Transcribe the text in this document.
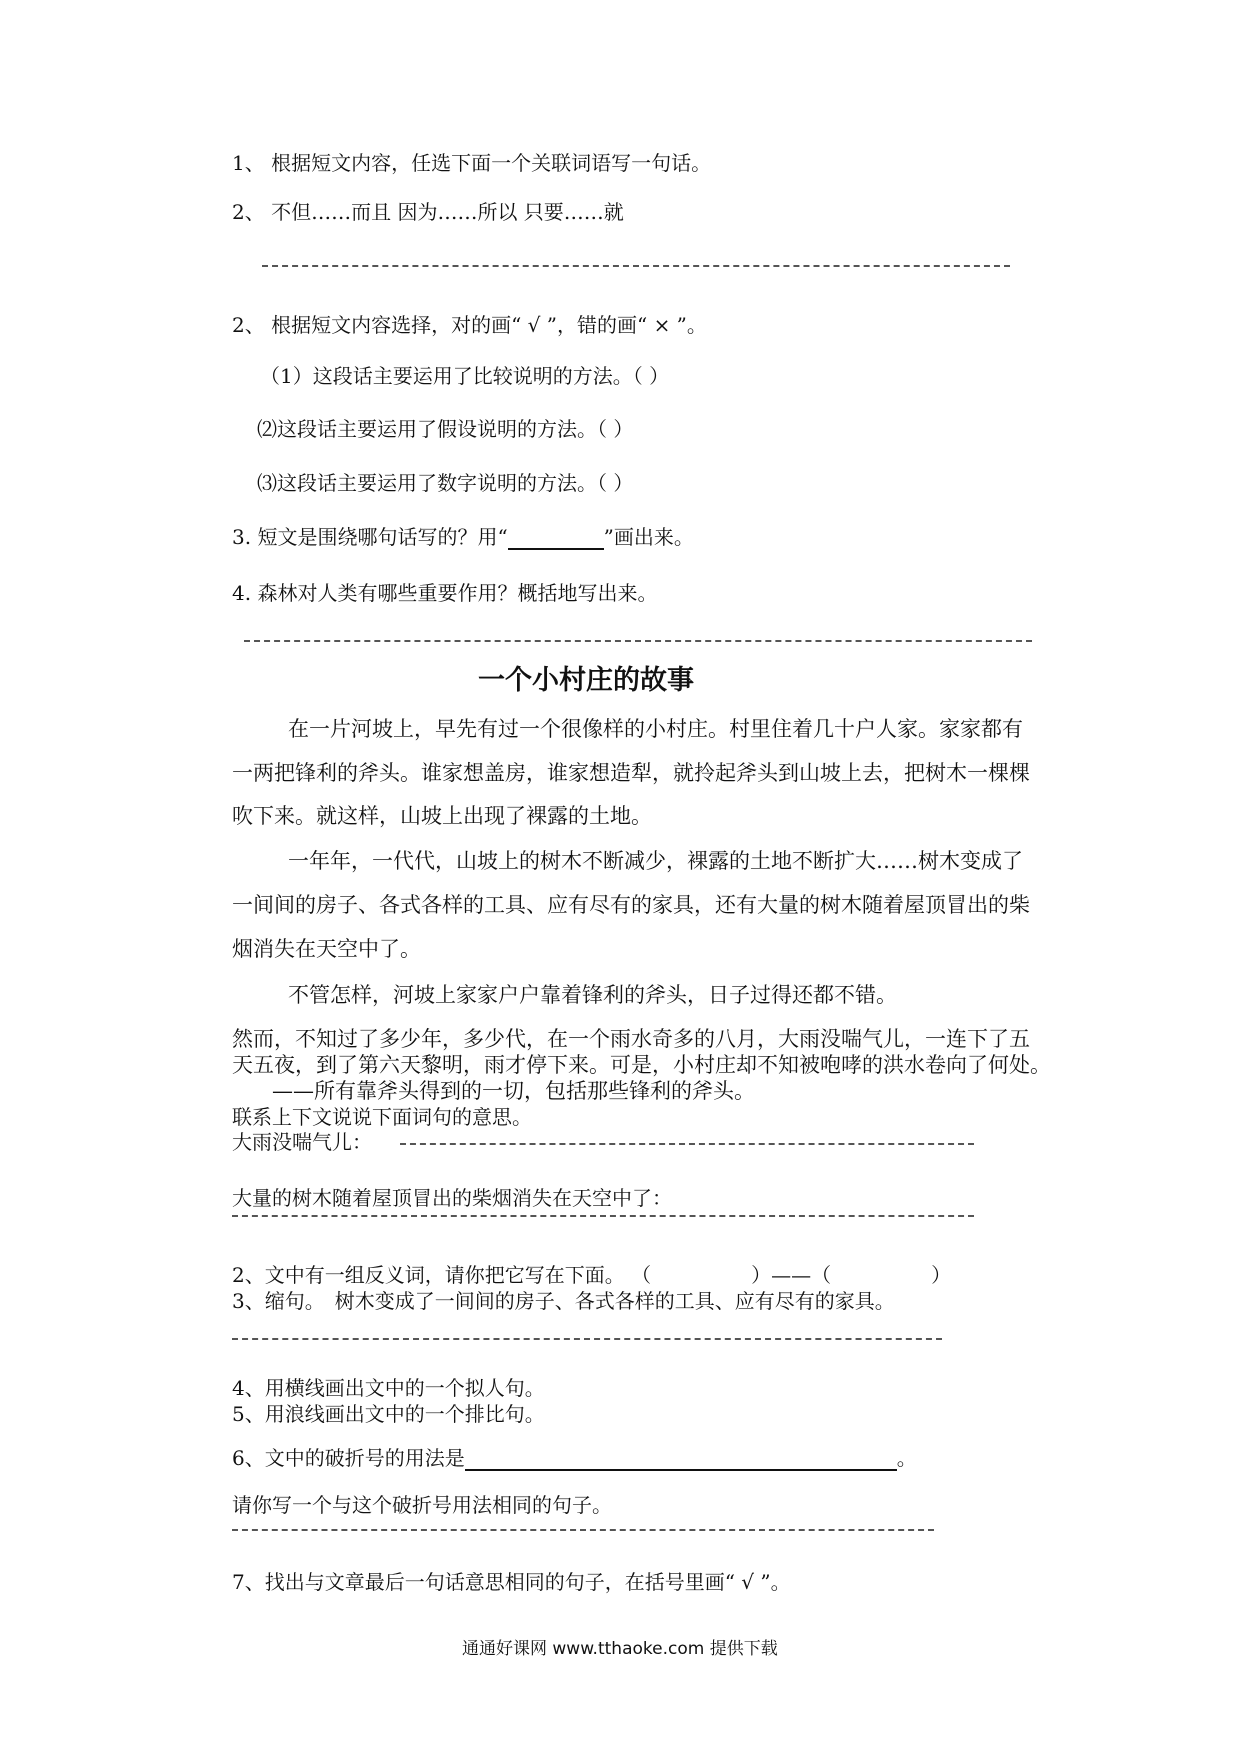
1、 根据短文内容，任选下面一个关联词语写一句话。
2、 不但……而且 因为……所以 只要……就
2、 根据短文内容选择，对的画“ √ ”，错的画“ × ”。
（1）这段话主要运用了比较说明的方法。（ ）
⑵这段话主要运用了假设说明的方法。（ ）
⑶这段话主要运用了数字说明的方法。（ ）
3. 短文是围绕哪句话写的？用“	”画出来。
4. 森林对人类有哪些重要作用？概括地写出来。
一个小村庄的故事
在一片河坡上，早先有过一个很像样的小村庄。村里住着几十户人家。家家都有
一两把锋利的斧头。谁家想盖房，谁家想造犁，就拎起斧头到山坡上去，把树木一棵棵
吹下来。就这样，山坡上出现了裸露的土地。
一年年，一代代，山坡上的树木不断减少，裸露的土地不断扩大……树木变成了
一间间的房子、各式各样的工具、应有尽有的家具，还有大量的树木随着屋顶冒出的柴
烟消失在天空中了。
不管怎样，河坡上家家户户靠着锋利的斧头，日子过得还都不错。
然而，不知过了多少年，多少代，在一个雨水奇多的八月，大雨没喘气儿，一连下了五
天五夜，到了第六天黎明，雨才停下来。可是，小村庄却不知被咆哮的洪水卷向了何处。
——所有靠斧头得到的一切，包括那些锋利的斧头。
联系上下文说说下面词句的意思。
大雨没喘气儿：
大量的树木随着屋顶冒出的柴烟消失在天空中了：
2、文中有一组反义词，请你把它写在下面。 （　　　　　）——（　　　　　）
3、缩句。　树木变成了一间间的房子、各式各样的工具、应有尽有的家具。
4、用横线画出文中的一个拟人句。
5、用浪线画出文中的一个排比句。
6、文中的破折号的用法是	。
请你写一个与这个破折号用法相同的句子。
7、找出与文章最后一句话意思相同的句子，在括号里画“ √ ”。
通通好课网 www.tthaoke.com 提供下载
